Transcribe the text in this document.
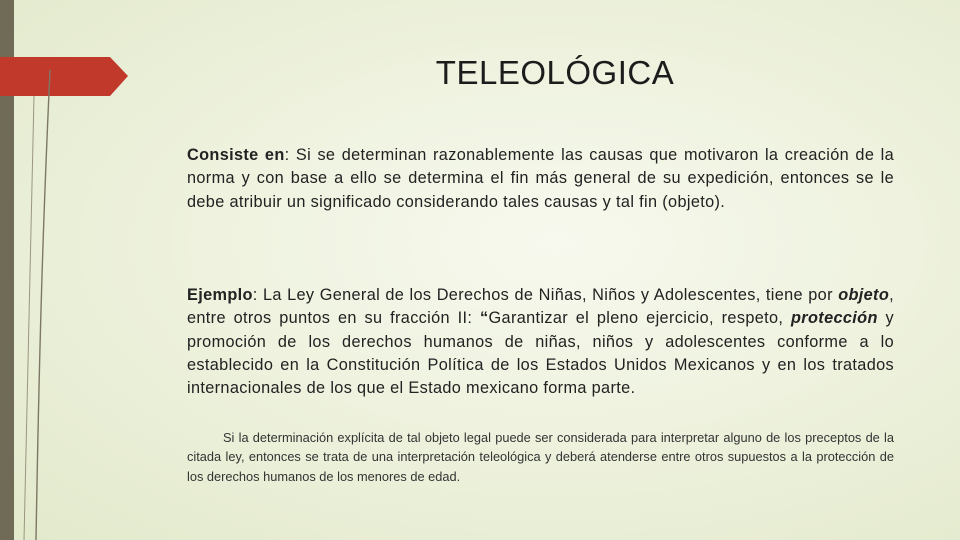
TELEOLÓGICA

Consiste en: Si se determinan razonablemente las causas que motivaron la creación de la norma y con base a ello se determina el fin más general de su expedición, entonces se le debe atribuir un significado considerando tales causas y tal fin (objeto).

Ejemplo: La Ley General de los Derechos de Niñas, Niños y Adolescentes, tiene por objeto, entre otros puntos en su fracción II: “Garantizar el pleno ejercicio, respeto, protección y promoción de los derechos humanos de niñas, niños y adolescentes conforme a lo establecido en la Constitución Política de los Estados Unidos Mexicanos y en los tratados internacionales de los que el Estado mexicano forma parte.

Si la determinación explícita de tal objeto legal puede ser considerada para interpretar alguno de los preceptos de la citada ley, entonces se trata de una interpretación teleológica y deberá atenderse entre otros supuestos a la protección de los derechos humanos de los menores de edad.
